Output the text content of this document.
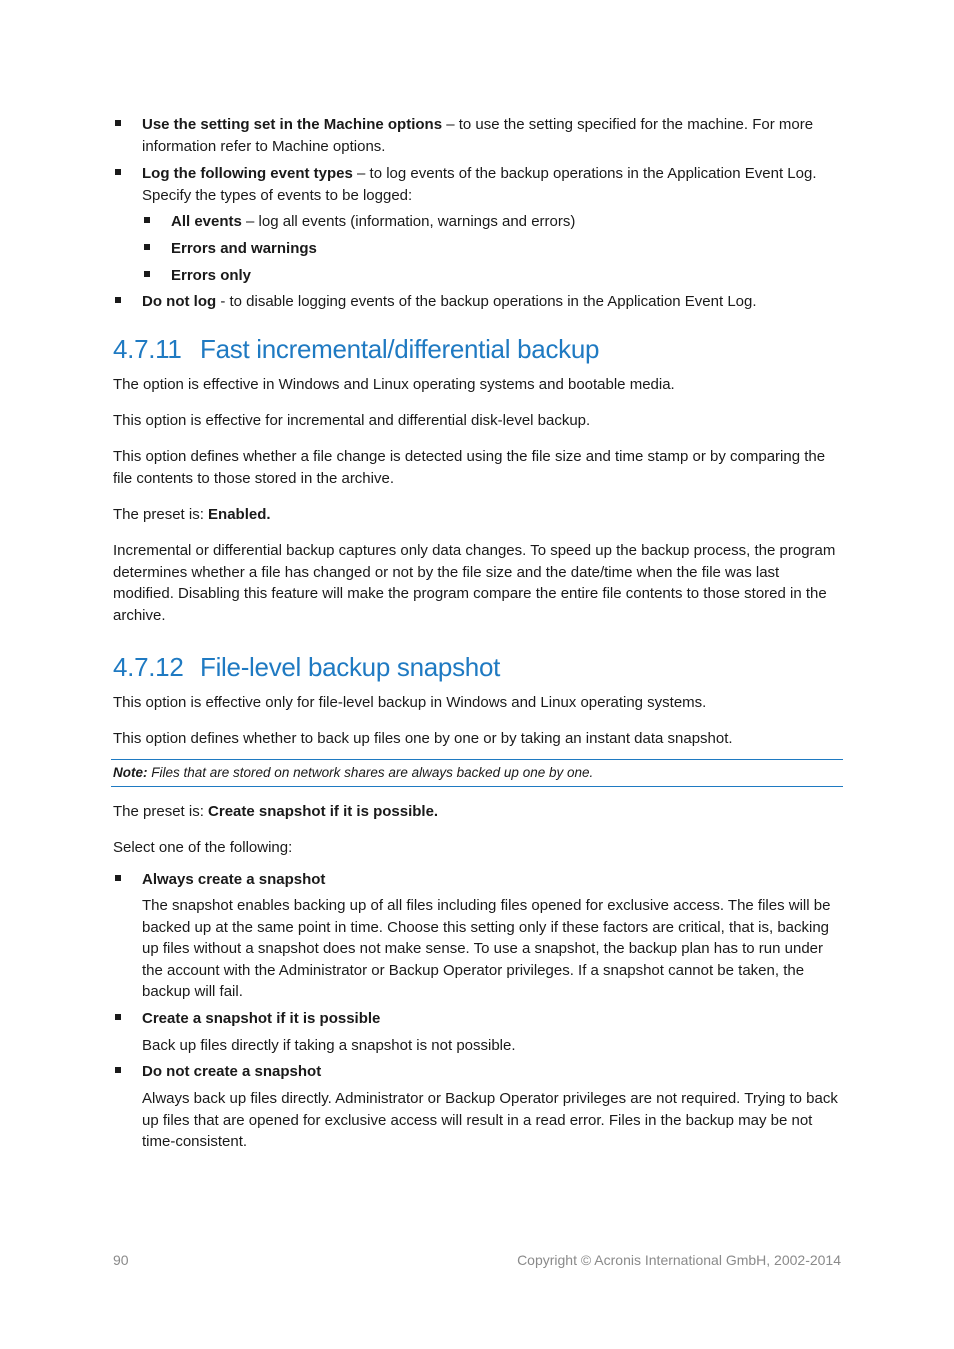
Use the setting set in the Machine options – to use the setting specified for the machine. For more information refer to Machine options.
Log the following event types – to log events of the backup operations in the Application Event Log. Specify the types of events to be logged:
All events – log all events (information, warnings and errors)
Errors and warnings
Errors only
Do not log - to disable logging events of the backup operations in the Application Event Log.
4.7.11 Fast incremental/differential backup
The option is effective in Windows and Linux operating systems and bootable media.
This option is effective for incremental and differential disk-level backup.
This option defines whether a file change is detected using the file size and time stamp or by comparing the file contents to those stored in the archive.
The preset is: Enabled.
Incremental or differential backup captures only data changes. To speed up the backup process, the program determines whether a file has changed or not by the file size and the date/time when the file was last modified. Disabling this feature will make the program compare the entire file contents to those stored in the archive.
4.7.12 File-level backup snapshot
This option is effective only for file-level backup in Windows and Linux operating systems.
This option defines whether to back up files one by one or by taking an instant data snapshot.
Note: Files that are stored on network shares are always backed up one by one.
The preset is: Create snapshot if it is possible.
Select one of the following:
Always create a snapshot
The snapshot enables backing up of all files including files opened for exclusive access. The files will be backed up at the same point in time. Choose this setting only if these factors are critical, that is, backing up files without a snapshot does not make sense. To use a snapshot, the backup plan has to run under the account with the Administrator or Backup Operator privileges. If a snapshot cannot be taken, the backup will fail.
Create a snapshot if it is possible
Back up files directly if taking a snapshot is not possible.
Do not create a snapshot
Always back up files directly. Administrator or Backup Operator privileges are not required. Trying to back up files that are opened for exclusive access will result in a read error. Files in the backup may be not time-consistent.
90	Copyright © Acronis International GmbH, 2002-2014
